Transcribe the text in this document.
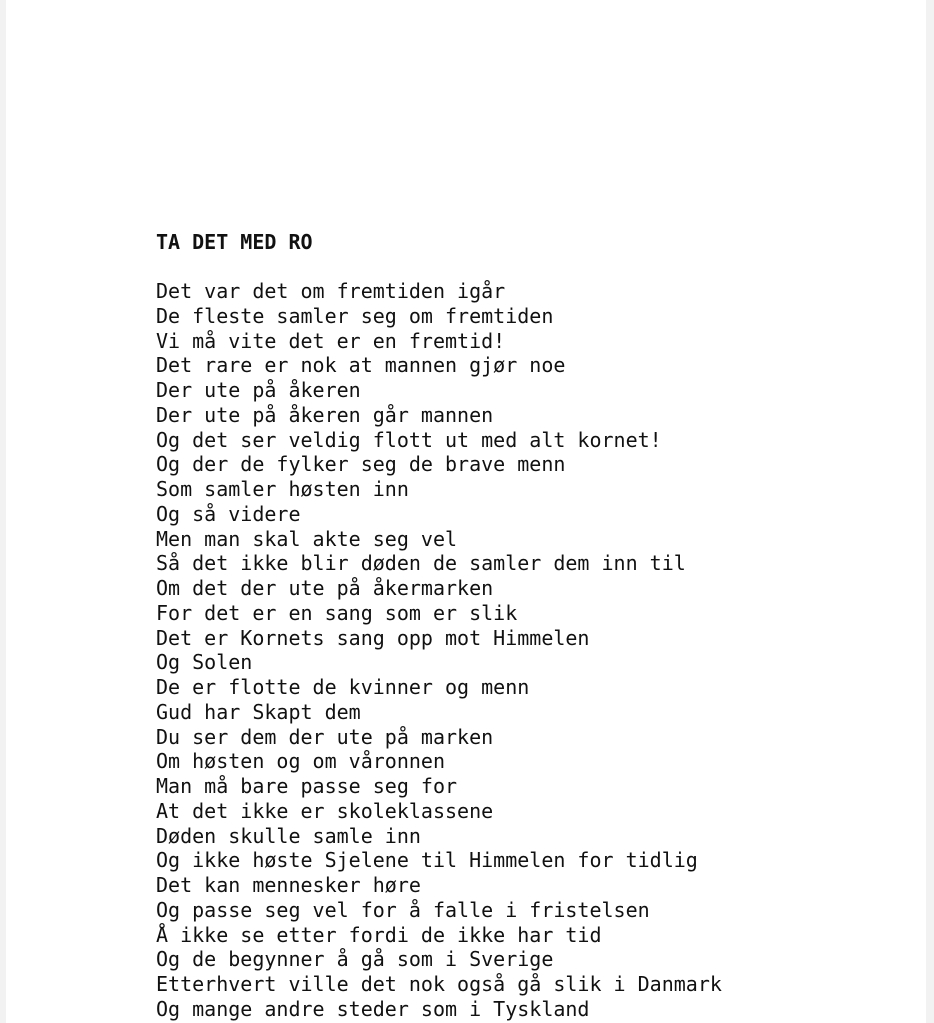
TA DET MED RO
Det var det om fremtiden igår
De fleste samler seg om fremtiden
Vi må vite det er en fremtid!
Det rare er nok at mannen gjør noe
Der ute på åkeren
Der ute på åkeren går mannen
Og det ser veldig flott ut med alt kornet!
Og der de fylker seg de brave menn
Som samler høsten inn
Og så videre
Men man skal akte seg vel
Så det ikke blir døden de samler dem inn til
Om det der ute på åkermarken
For det er en sang som er slik
Det er Kornets sang opp mot Himmelen
Og Solen
De er flotte de kvinner og menn
Gud har Skapt dem
Du ser dem der ute på marken
Om høsten og om våronnen
Man må bare passe seg for
At det ikke er skoleklassene
Døden skulle samle inn
Og ikke høste Sjelene til Himmelen for tidlig
Det kan mennesker høre
Og passe seg vel for å falle i fristelsen
Å ikke se etter fordi de ikke har tid
Og de begynner å gå som i Sverige
Etterhvert ville det nok også gå slik i Danmark
Og mange andre steder som i Tyskland
